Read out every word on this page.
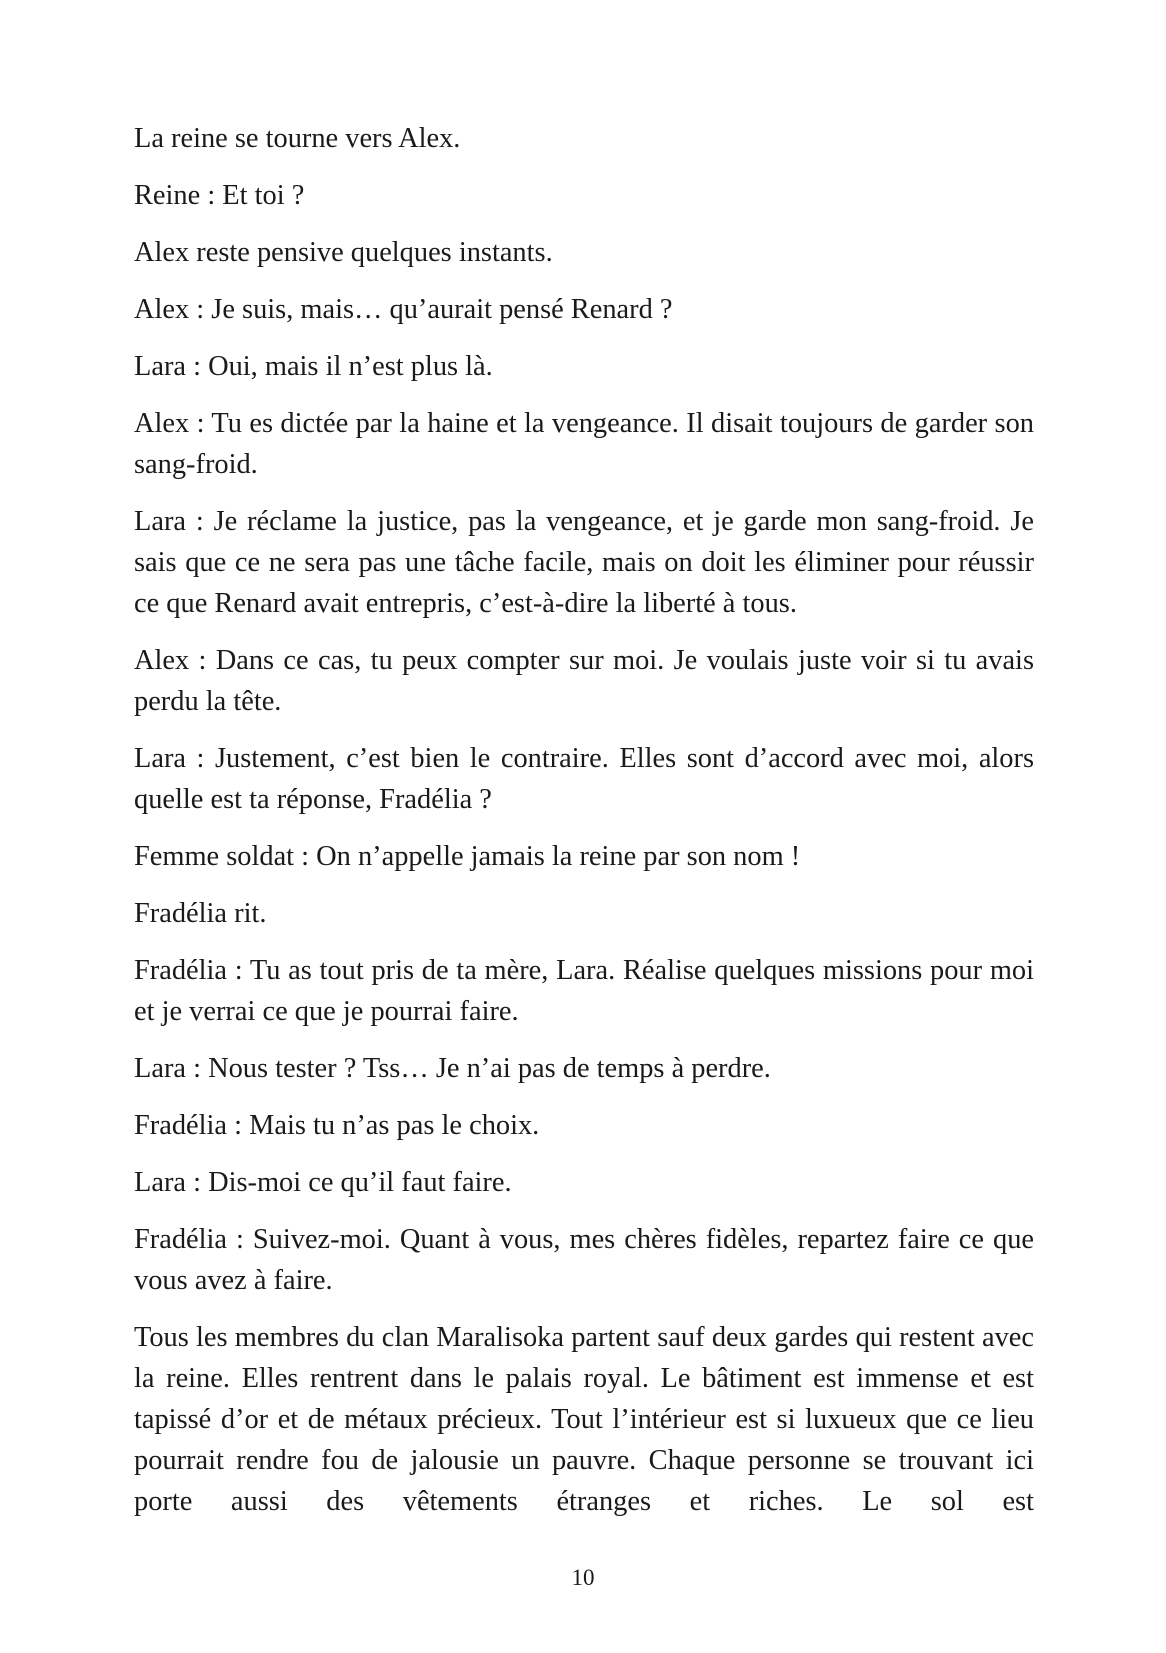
La reine se tourne vers Alex.

Reine : Et toi ?

Alex reste pensive quelques instants.

Alex : Je suis, mais… qu’aurait pensé Renard ?

Lara : Oui, mais il n’est plus là.

Alex : Tu es dictée par la haine et la vengeance. Il disait toujours de garder son sang-froid.

Lara : Je réclame la justice, pas la vengeance, et je garde mon sang-froid. Je sais que ce ne sera pas une tâche facile, mais on doit les éliminer pour réussir ce que Renard avait entrepris, c’est-à-dire la liberté à tous.

Alex : Dans ce cas, tu peux compter sur moi. Je voulais juste voir si tu avais perdu la tête.

Lara : Justement, c’est bien le contraire. Elles sont d’accord avec moi, alors quelle est ta réponse, Fradélia ?

Femme soldat : On n’appelle jamais la reine par son nom !

Fradélia rit.

Fradélia : Tu as tout pris de ta mère, Lara. Réalise quelques missions pour moi et je verrai ce que je pourrai faire.

Lara : Nous tester ? Tss… Je n’ai pas de temps à perdre.

Fradélia : Mais tu n’as pas le choix.

Lara : Dis-moi ce qu’il faut faire.

Fradélia : Suivez-moi. Quant à vous, mes chères fidèles, repartez faire ce que vous avez à faire.

Tous les membres du clan Maralisoka partent sauf deux gardes qui restent avec la reine. Elles rentrent dans le palais royal. Le bâtiment est immense et est tapissé d’or et de métaux précieux. Tout l’intérieur est si luxueux que ce lieu pourrait rendre fou de jalousie un pauvre. Chaque personne se trouvant ici porte aussi des vêtements étranges et riches. Le sol est

10
